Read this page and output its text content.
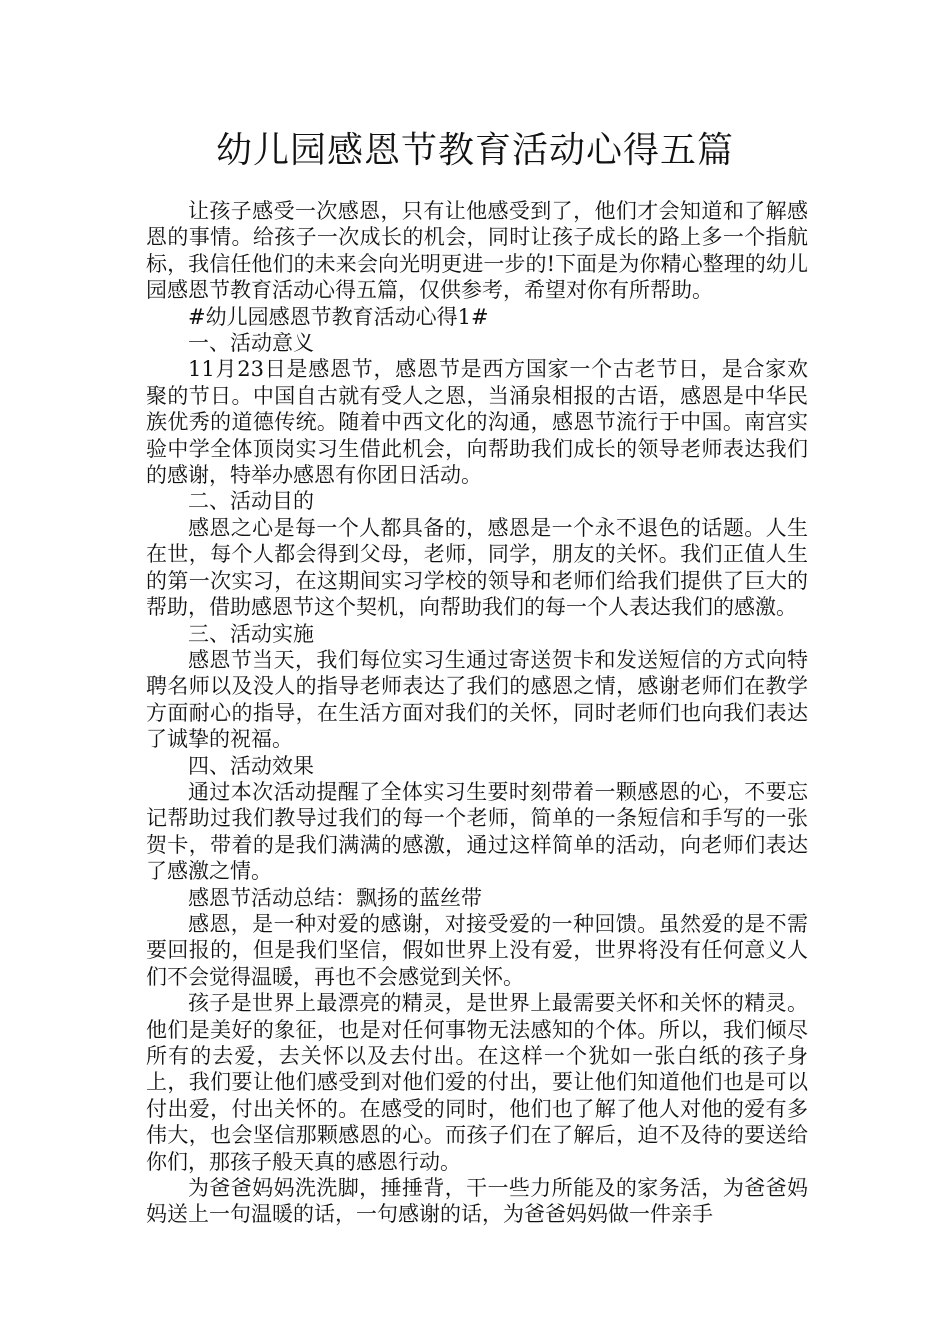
幼儿园感恩节教育活动心得五篇

让孩子感受一次感恩，只有让他感受到了，他们才会知道和了解感恩的事情。给孩子一次成长的机会，同时让孩子成长的路上多一个指航标，我信任他们的未来会向光明更进一步的!下面是为你精心整理的幼儿园感恩节教育活动心得五篇，仅供参考，希望对你有所帮助。

#幼儿园感恩节教育活动心得1#

一、活动意义

11月23日是感恩节，感恩节是西方国家一个古老节日，是合家欢聚的节日。中国自古就有受人之恩，当涌泉相报的古语，感恩是中华民族优秀的道德传统。随着中西文化的沟通，感恩节流行于中国。南宫实验中学全体顶岗实习生借此机会，向帮助我们成长的领导老师表达我们的感谢，特举办感恩有你团日活动。

二、活动目的

感恩之心是每一个人都具备的，感恩是一个永不退色的话题。人生在世，每个人都会得到父母，老师，同学，朋友的关怀。我们正值人生的第一次实习，在这期间实习学校的领导和老师们给我们提供了巨大的帮助，借助感恩节这个契机，向帮助我们的每一个人表达我们的感激。

三、活动实施

感恩节当天，我们每位实习生通过寄送贺卡和发送短信的方式向特聘名师以及没人的指导老师表达了我们的感恩之情，感谢老师们在教学方面耐心的指导，在生活方面对我们的关怀，同时老师们也向我们表达了诚挚的祝福。

四、活动效果

通过本次活动提醒了全体实习生要时刻带着一颗感恩的心，不要忘记帮助过我们教导过我们的每一个老师，简单的一条短信和手写的一张贺卡，带着的是我们满满的感激，通过这样简单的活动，向老师们表达了感激之情。

感恩节活动总结：飘扬的蓝丝带

感恩，是一种对爱的感谢，对接受爱的一种回馈。虽然爱的是不需要回报的，但是我们坚信，假如世界上没有爱，世界将没有任何意义人们不会觉得温暖，再也不会感觉到关怀。

孩子是世界上最漂亮的精灵，是世界上最需要关怀和关怀的精灵。他们是美好的象征，也是对任何事物无法感知的个体。所以，我们倾尽所有的去爱，去关怀以及去付出。在这样一个犹如一张白纸的孩子身上，我们要让他们感受到对他们爱的付出，要让他们知道他们也是可以付出爱，付出关怀的。在感受的同时，他们也了解了他人对他的爱有多伟大，也会坚信那颗感恩的心。而孩子们在了解后，迫不及待的要送给你们，那孩子般天真的感恩行动。

为爸爸妈妈洗洗脚，捶捶背，干一些力所能及的家务活，为爸爸妈妈送上一句温暖的话，一句感谢的话，为爸爸妈妈做一件亲手
